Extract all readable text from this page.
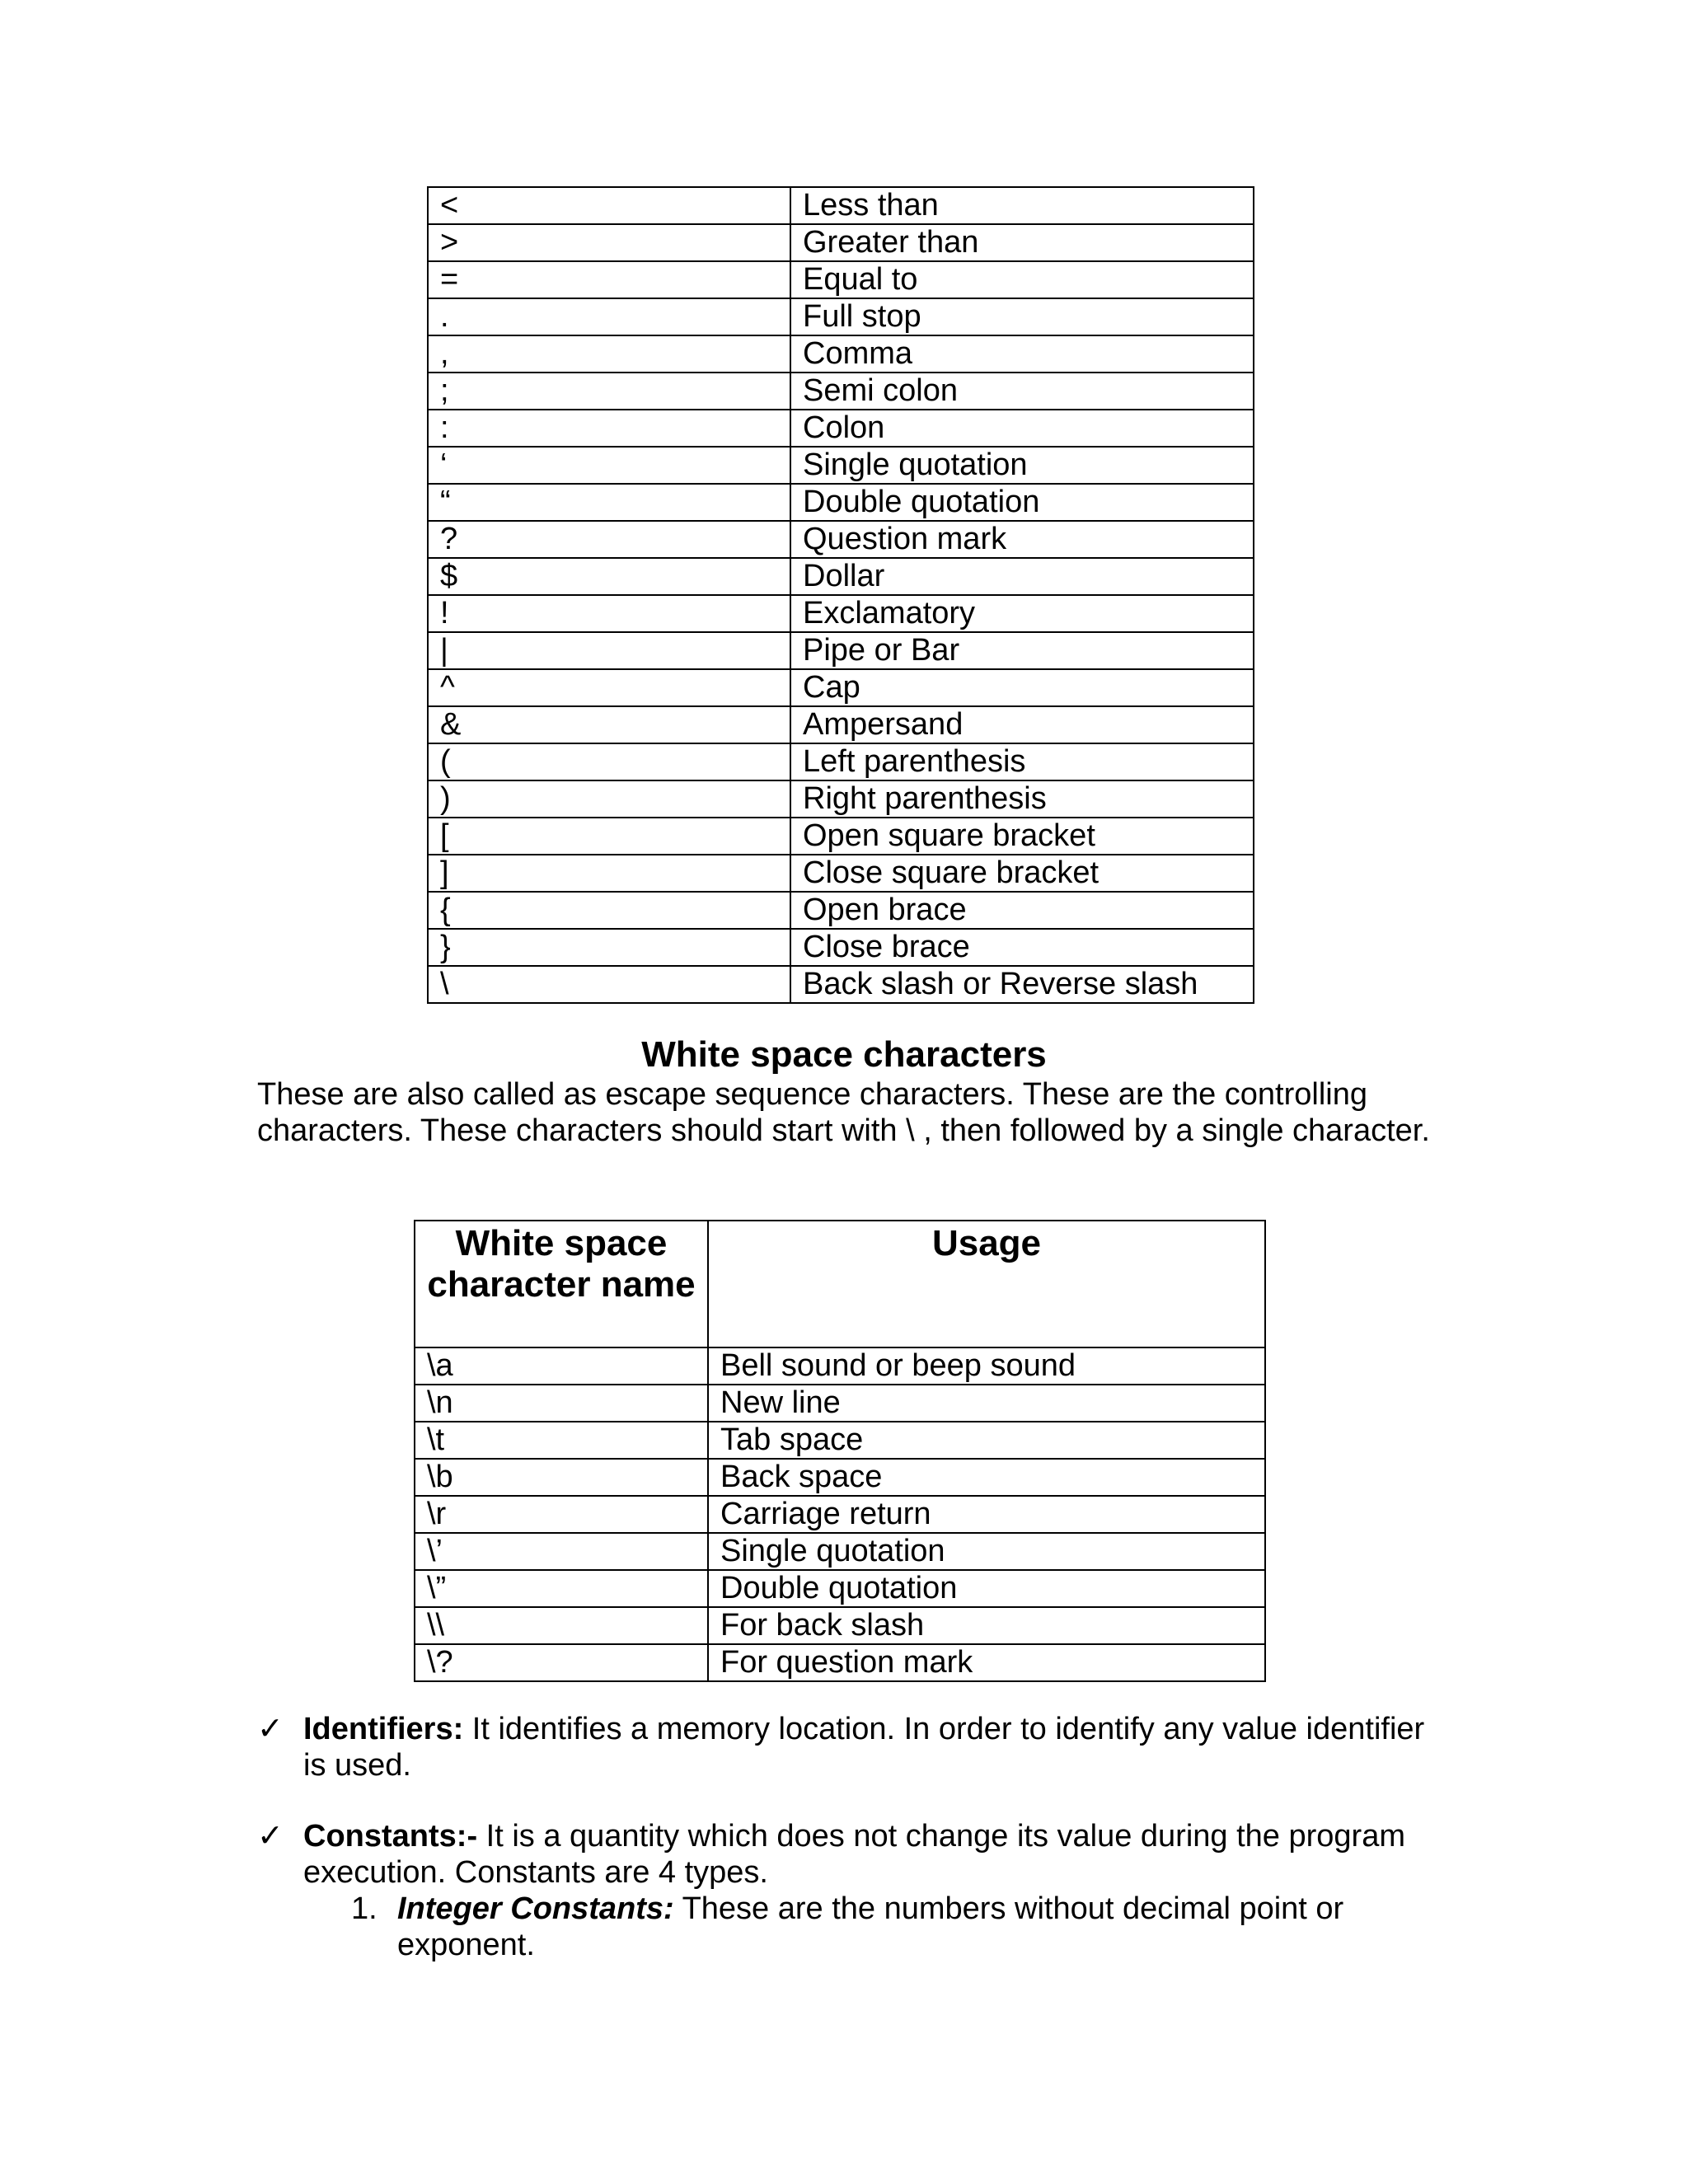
<	Less than
>	Greater than
=	Equal to
.	Full stop
,	Comma
;	Semi colon
:	Colon
‘	Single quotation
“	Double quotation
?	Question mark
$	Dollar
!	Exclamatory
|	Pipe or Bar
^	Cap
&	Ampersand
(	Left parenthesis
)	Right parenthesis
[	Open square bracket
]	Close square bracket
{	Open brace
}	Close brace
\	Back slash or Reverse slash
White space characters

These are also called as escape sequence characters. These are the controlling characters. These characters should start with \ , then followed by a single character.

White space character name	Usage
\a	Bell sound or beep sound
\n	New line
\t	Tab space
\b	Back space
\r	Carriage return
\’	Single quotation
\”	Double quotation
\\	For back slash
\?	For question mark

✓ Identifiers: It identifies a memory location. In order to identify any value identifier is used.

✓ Constants:- It is a quantity which does not change its value during the program execution. Constants are 4 types.

1. Integer Constants: These are the numbers without decimal point or exponent.
